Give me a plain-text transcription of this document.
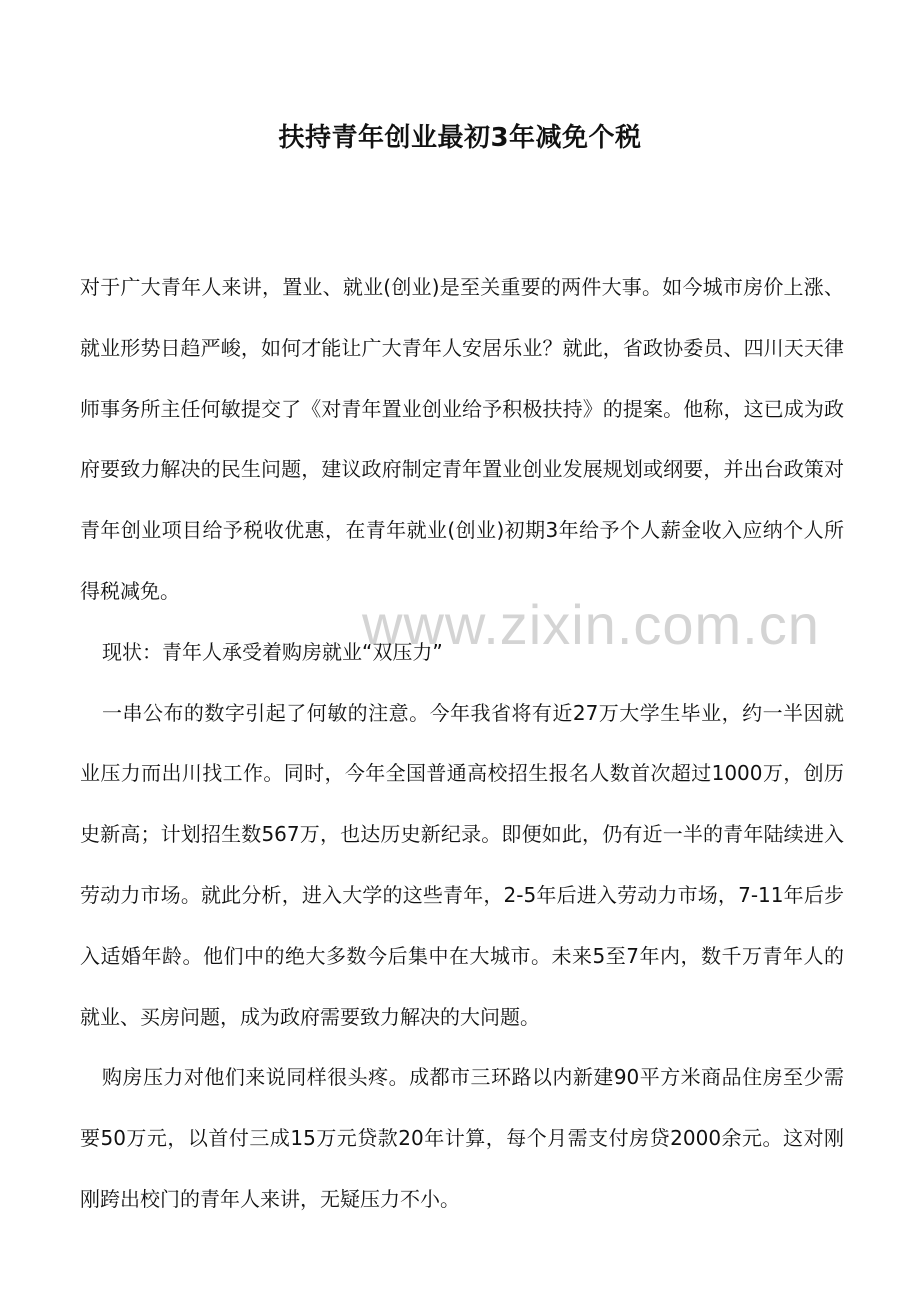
www.zixin.com.cn
扶持青年创业最初3年减免个税

对于广大青年人来讲，置业、就业(创业)是至关重要的两件大事。如今城市房价上涨、就业形势日趋严峻，如何才能让广大青年人安居乐业？就此，省政协委员、四川天天律师事务所主任何敏提交了《对青年置业创业给予积极扶持》的提案。他称，这已成为政府要致力解决的民生问题，建议政府制定青年置业创业发展规划或纲要，并出台政策对青年创业项目给予税收优惠，在青年就业(创业)初期3年给予个人薪金收入应纳个人所得税减免。

现状：青年人承受着购房就业“双压力”

一串公布的数字引起了何敏的注意。今年我省将有近27万大学生毕业，约一半因就业压力而出川找工作。同时，今年全国普通高校招生报名人数首次超过1000万，创历史新高；计划招生数567万，也达历史新纪录。即便如此，仍有近一半的青年陆续进入劳动力市场。就此分析，进入大学的这些青年，2-5年后进入劳动力市场，7-11年后步入适婚年龄。他们中的绝大多数今后集中在大城市。未来5至7年内，数千万青年人的就业、买房问题，成为政府需要致力解决的大问题。

购房压力对他们来说同样很头疼。成都市三环路以内新建90平方米商品住房至少需要50万元，以首付三成15万元贷款20年计算，每个月需支付房贷2000余元。这对刚刚跨出校门的青年人来讲，无疑压力不小。
